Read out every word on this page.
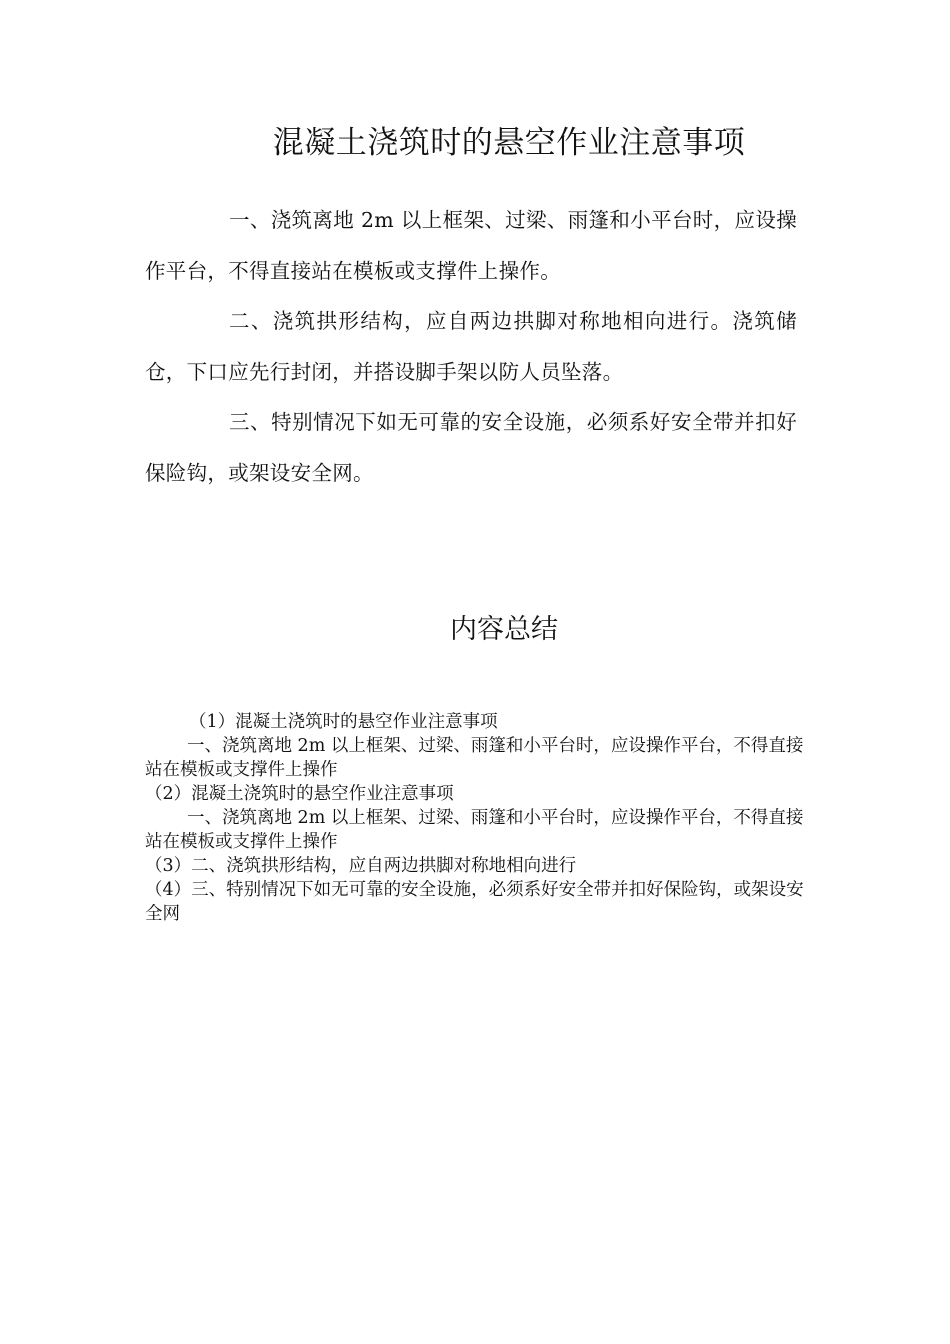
混凝土浇筑时的悬空作业注意事项

一、浇筑离地 2m 以上框架、过梁、雨篷和小平台时，应设操作平台，不得直接站在模板或支撑件上操作。

二、浇筑拱形结构，应自两边拱脚对称地相向进行。浇筑储仓，下口应先行封闭，并搭设脚手架以防人员坠落。

三、特别情况下如无可靠的安全设施，必须系好安全带并扣好保险钩，或架设安全网。

内容总结
（1）混凝土浇筑时的悬空作业注意事项
一、浇筑离地 2m 以上框架、过梁、雨篷和小平台时，应设操作平台，不得直接站在模板或支撑件上操作
（2）混凝土浇筑时的悬空作业注意事项
一、浇筑离地 2m 以上框架、过梁、雨篷和小平台时，应设操作平台，不得直接站在模板或支撑件上操作
（3）二、浇筑拱形结构，应自两边拱脚对称地相向进行
（4）三、特别情况下如无可靠的安全设施，必须系好安全带并扣好保险钩，或架设安全网
